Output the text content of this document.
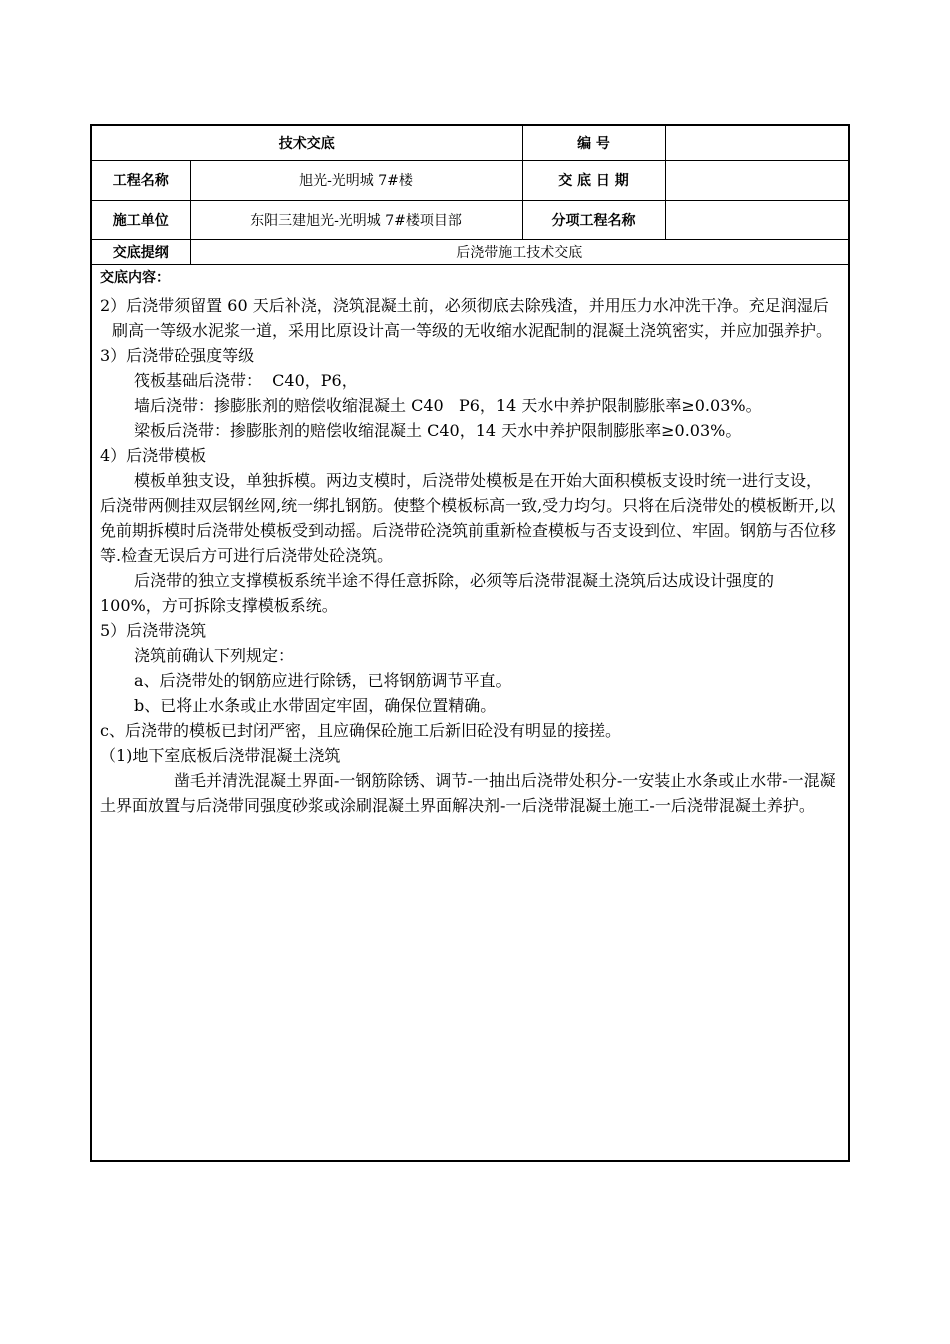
技术交底		编 号	
工程名称	旭光-光明城 7#楼	交 底 日 期	
施工单位	东阳三建旭光-光明城 7#楼项目部	分项工程名称	
交底提纲	后浇带施工技术交底		
交底内容：

2）后浇带须留置 60 天后补浇，浇筑混凝土前，必须彻底去除残渣，并用压力水冲洗干净。充足润湿后刷高一等级水泥浆一道，采用比原设计高一等级的无收缩水泥配制的混凝土浇筑密实，并应加强养护。

3）后浇带砼强度等级

筏板基础后浇带：  C40，P6，

墙后浇带：掺膨胀剂的赔偿收缩混凝土 C40   P6，14 天水中养护限制膨胀率≥0.03%。

梁板后浇带：掺膨胀剂的赔偿收缩混凝土 C40，14 天水中养护限制膨胀率≥0.03%。

4）后浇带模板

模板单独支设，单独拆模。两边支模时，后浇带处模板是在开始大面积模板支设时统一进行支设，   后浇带两侧挂双层钢丝网,统一绑扎钢筋。使整个模板标高一致,受力均匀。只将在后浇带处的模板断开,以免前期拆模时后浇带处模板受到动摇。后浇带砼浇筑前重新检查模板与否支设到位、牢固。钢筋与否位移等.检查无误后方可进行后浇带处砼浇筑。

后浇带的独立支撑模板系统半途不得任意拆除，必须等后浇带混凝土浇筑后达成设计强度的 100%，方可拆除支撑模板系统。

5）后浇带浇筑

浇筑前确认下列规定：

a、后浇带处的钢筋应进行除锈，已将钢筋调节平直。

b、已将止水条或止水带固定牢固，确保位置精确。

c、后浇带的模板已封闭严密，且应确保砼施工后新旧砼没有明显的接搓。

（1)地下室底板后浇带混凝土浇筑

凿毛并清洗混凝土界面-一钢筋除锈、调节-一抽出后浇带处积分-一安装止水条或止水带-一混凝土界面放置与后浇带同强度砂浆或涂刷混凝土界面解决剂-一后浇带混凝土施工-一后浇带混凝土养护。
